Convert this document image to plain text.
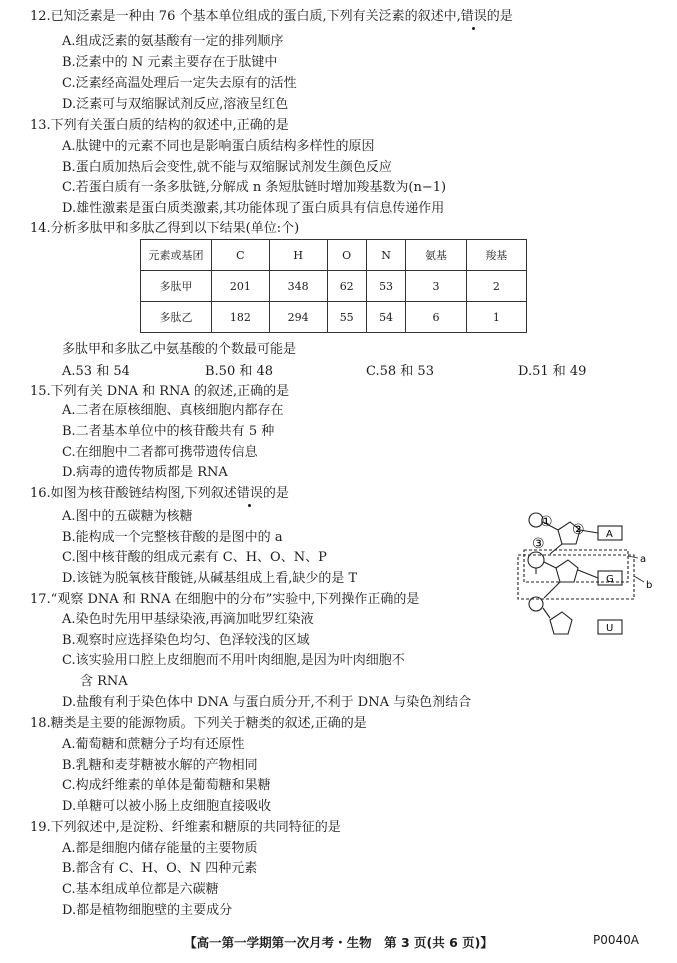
12.已知泛素是一种由 76 个基本单位组成的蛋白质,下列有关泛素的叙述中,错误的是
A.组成泛素的氨基酸有一定的排列顺序
B.泛素中的 N 元素主要存在于肽键中
C.泛素经高温处理后一定失去原有的活性
D.泛素可与双缩脲试剂反应,溶液呈红色
13.下列有关蛋白质的结构的叙述中,正确的是
A.肽键中的元素不同也是影响蛋白质结构多样性的原因
B.蛋白质加热后会变性,就不能与双缩脲试剂发生颜色反应
C.若蛋白质有一条多肽链,分解成 n 条短肽链时增加羧基数为(n−1)
D.雄性激素是蛋白质类激素,其功能体现了蛋白质具有信息传递作用
14.分析多肽甲和多肽乙得到以下结果(单位:个)
元素或基团	C	H	O	N	氨基	羧基
多肽甲	201	348	62	53	3	2
多肽乙	182	294	55	54	6	1
多肽甲和多肽乙中氨基酸的个数最可能是
A.53 和 54	B.50 和 48	C.58 和 53	D.51 和 49
15.下列有关 DNA 和 RNA 的叙述,正确的是
A.二者在原核细胞、真核细胞内都存在
B.二者基本单位中的核苷酸共有 5 种
C.在细胞中二者都可携带遗传信息
D.病毒的遗传物质都是 RNA
16.如图为核苷酸链结构图,下列叙述错误的是
A.图中的五碳糖为核糖
B.能构成一个完整核苷酸的是图中的 a
C.图中核苷酸的组成元素有 C、H、O、N、P
D.该链为脱氧核苷酸链,从碱基组成上看,缺少的是 T
① ②
③
A
G
U
a
b
17.“观察 DNA 和 RNA 在细胞中的分布”实验中,下列操作正确的是
A.染色时先用甲基绿染液,再滴加吡罗红染液
B.观察时应选择染色均匀、色泽较浅的区域
C.该实验用口腔上皮细胞而不用叶肉细胞,是因为叶肉细胞不
含 RNA
D.盐酸有利于染色体中 DNA 与蛋白质分开,不利于 DNA 与染色剂结合
18.糖类是主要的能源物质。下列关于糖类的叙述,正确的是
A.葡萄糖和蔗糖分子均有还原性
B.乳糖和麦芽糖被水解的产物相同
C.构成纤维素的单体是葡萄糖和果糖
D.单糖可以被小肠上皮细胞直接吸收
19.下列叙述中,是淀粉、纤维素和糖原的共同特征的是
A.都是细胞内储存能量的主要物质
B.都含有 C、H、O、N 四种元素
C.基本组成单位都是六碳糖
D.都是植物细胞壁的主要成分
【高一第一学期第一次月考・生物　第 3 页(共 6 页)】	P0040A
